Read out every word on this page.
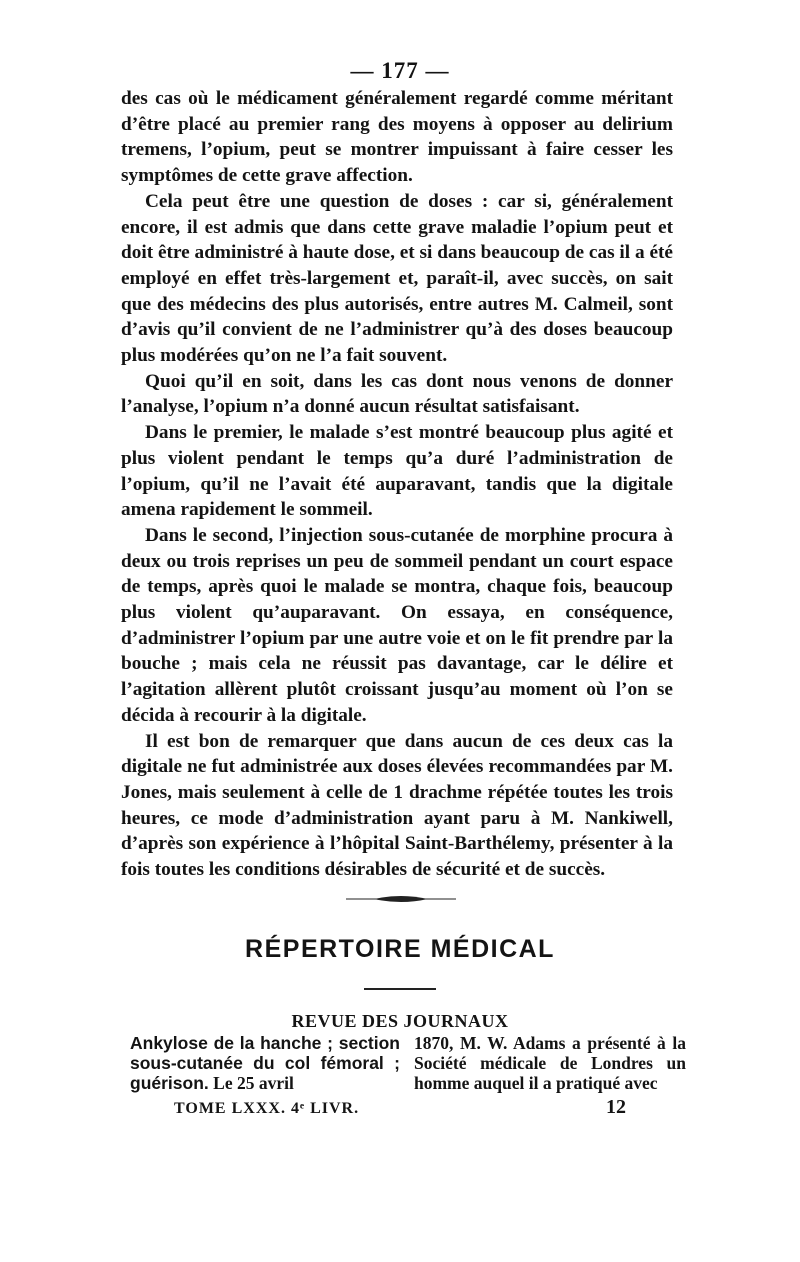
— 177 —

des cas où le médicament généralement regardé comme méritant d’être placé au premier rang des moyens à opposer au delirium tremens, l’opium, peut se montrer impuissant à faire cesser les symptômes de cette grave affection.

Cela peut être une question de doses : car si, généralement encore, il est admis que dans cette grave maladie l’opium peut et doit être administré à haute dose, et si dans beaucoup de cas il a été employé en effet très-largement et, paraît-il, avec succès, on sait que des médecins des plus autorisés, entre autres M. Calmeil, sont d’avis qu’il convient de ne l’administrer qu’à des doses beaucoup plus modérées qu’on ne l’a fait souvent.

Quoi qu’il en soit, dans les cas dont nous venons de donner l’analyse, l’opium n’a donné aucun résultat satisfaisant.

Dans le premier, le malade s’est montré beaucoup plus agité et plus violent pendant le temps qu’a duré l’administration de l’opium, qu’il ne l’avait été auparavant, tandis que la digitale amena rapidement le sommeil.

Dans le second, l’injection sous-cutanée de morphine procura à deux ou trois reprises un peu de sommeil pendant un court espace de temps, après quoi le malade se montra, chaque fois, beaucoup plus violent qu’auparavant. On essaya, en conséquence, d’administrer l’opium par une autre voie et on le fit prendre par la bouche ; mais cela ne réussit pas davantage, car le délire et l’agitation allèrent plutôt croissant jusqu’au moment où l’on se décida à recourir à la digitale.

Il est bon de remarquer que dans aucun de ces deux cas la digitale ne fut administrée aux doses élevées recommandées par M. Jones, mais seulement à celle de 1 drachme répétée toutes les trois heures, ce mode d’administration ayant paru à M. Nankiwell, d’après son expérience à l’hôpital Saint-Barthélemy, présenter à la fois toutes les conditions désirables de sécurité et de succès.

RÉPERTOIRE MÉDICAL
REVUE DES JOURNAUX

Ankylose de la hanche ; section sous-cutanée du col fémoral ; guérison. Le 25 avril

1870, M. W. Adams a présenté à la Société médicale de Londres un homme auquel il a pratiqué avec

TOME LXXX. 4ᵉ LIVR.	12
